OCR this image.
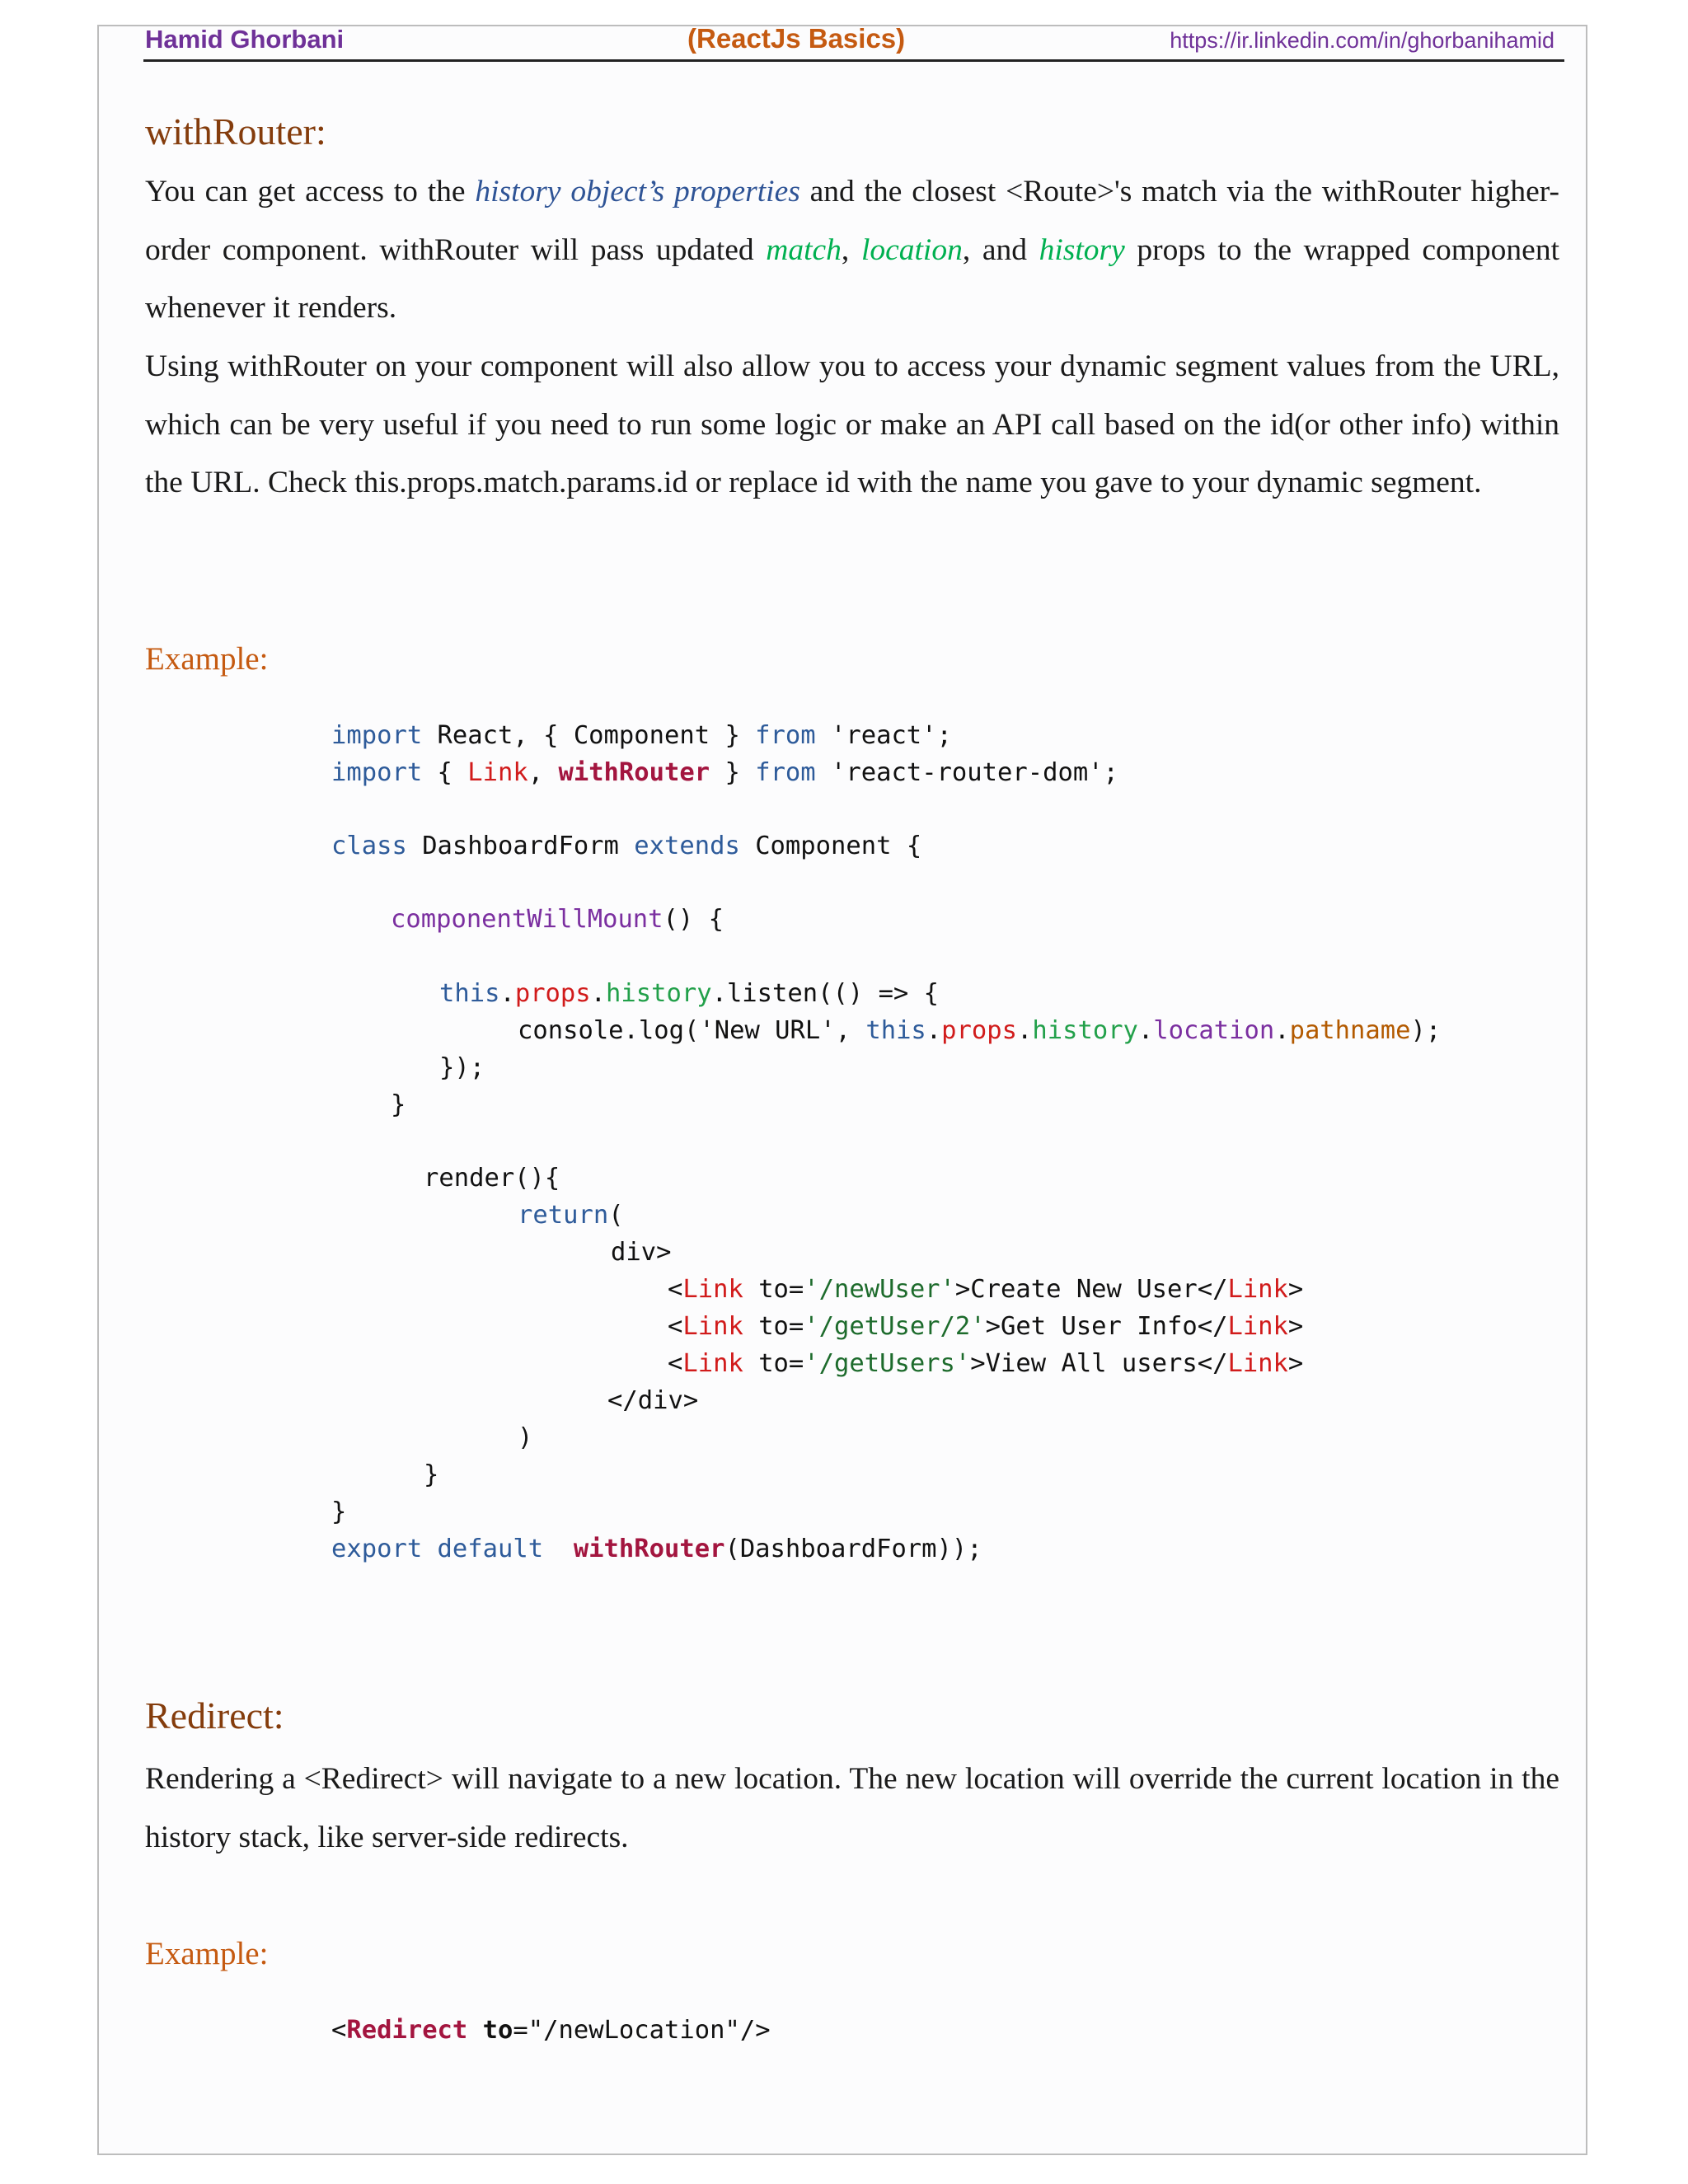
Hamid Ghorbani	(ReactJs Basics)	https://ir.linkedin.com/in/ghorbanihamid
withRouter:

You can get access to the history object’s properties and the closest <Route>'s match via the withRouter higher-order component. withRouter will pass updated match, location, and history props to the wrapped component whenever it renders.

Using withRouter on your component will also allow you to access your dynamic segment values from the URL, which can be very useful if you need to run some logic or make an API call based on the id(or other info) within the URL. Check this.props.match.params.id or replace id with the name you gave to your dynamic segment.

Example:
import React, { Component } from 'react';
import { Link, withRouter } from 'react-router-dom';
class DashboardForm extends Component {
componentWillMount() {
this.props.history.listen(() => {
console.log('New URL', this.props.history.location.pathname);
});
}
render(){
return(
div>
<Link to='/newUser'>Create New User</Link>
<Link to='/getUser/2'>Get User Info</Link>
<Link to='/getUsers'>View All users</Link>
</div>
)
}
}
export default withRouter(DashboardForm));
Redirect:

Rendering a <Redirect> will navigate to a new location. The new location will override the current location in the history stack, like server-side redirects.

Example:
<Redirect to="/newLocation"/>
